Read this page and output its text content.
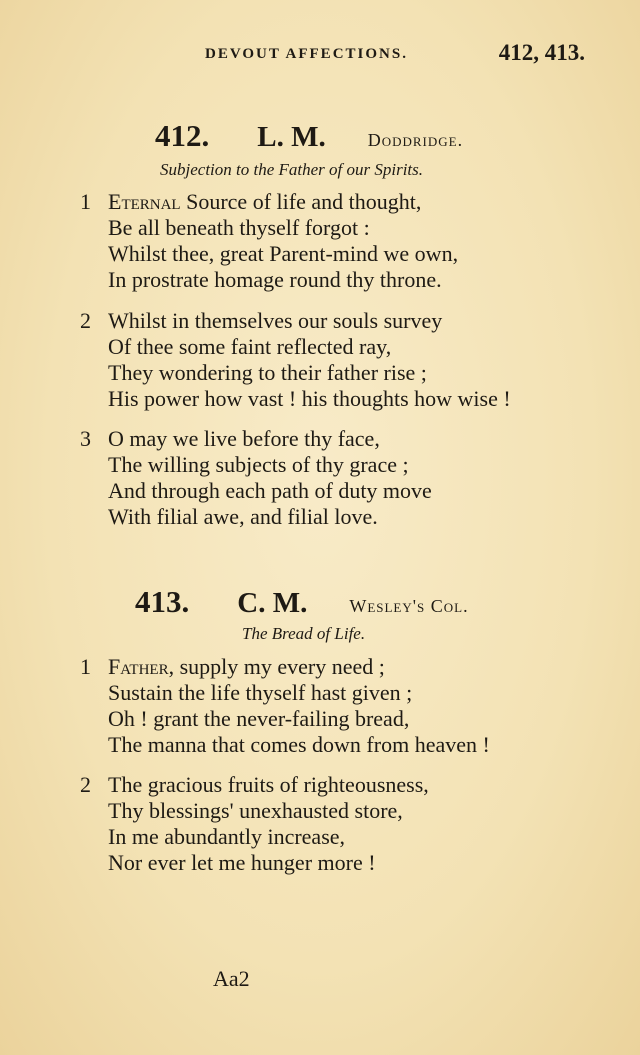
DEVOUT AFFECTIONS.	412, 413.
412. L. M. Doddridge.
Subjection to the Father of our Spirits.
1 Eternal Source of life and thought,
Be all beneath thyself forgot :
Whilst thee, great Parent-mind we own,
In prostrate homage round thy throne.
2 Whilst in themselves our souls survey
Of thee some faint reflected ray,
They wondering to their father rise ;
His power how vast ! his thoughts how wise !
3 O may we live before thy face,
The willing subjects of thy grace ;
And through each path of duty move
With filial awe, and filial love.
413. C. M. Wesley's Col.
The Bread of Life.
1 Father, supply my every need ;
Sustain the life thyself hast given ;
Oh ! grant the never-failing bread,
The manna that comes down from heaven !
2 The gracious fruits of righteousness,
Thy blessings' unexhausted store,
In me abundantly increase,
Nor ever let me hunger more !
Aa2
